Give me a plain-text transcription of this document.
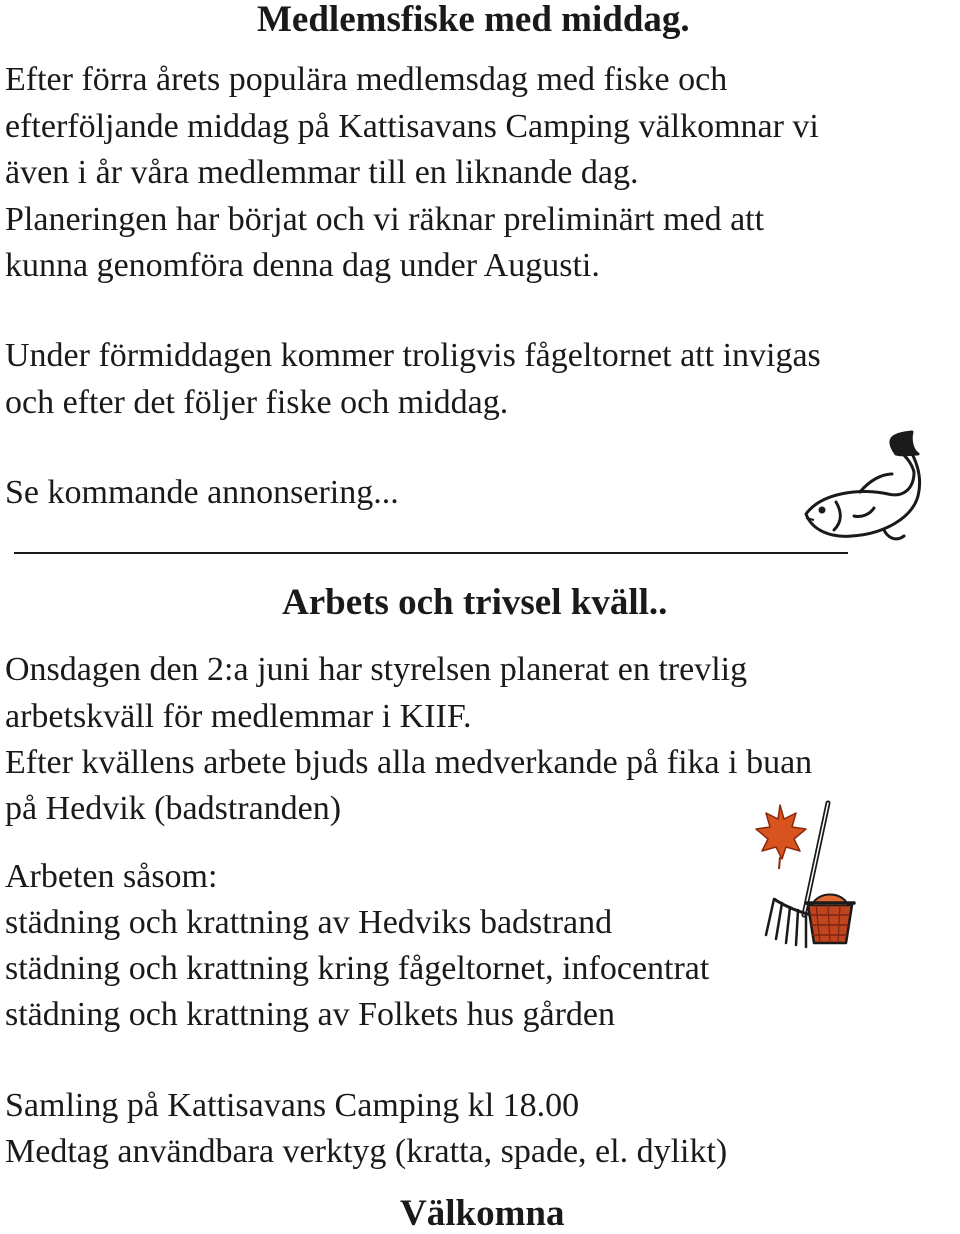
Medlemsfiske med middag.
Efter förra årets populära medlemsdag med fiske och
efterföljande middag på Kattisavans Camping välkomnar vi
även i år våra medlemmar till en liknande dag.
Planeringen har börjat och vi räknar preliminärt med att
kunna genomföra denna dag under Augusti.
Under förmiddagen kommer troligvis fågeltornet att invigas
och efter det följer fiske och middag.
Se kommande annonsering...
Arbets och trivsel kväll..
Onsdagen den 2:a juni har styrelsen planerat en trevlig
arbetskväll för medlemmar i KIIF.
Efter kvällens arbete bjuds alla medverkande på fika i buan
på Hedvik (badstranden)
Arbeten såsom:
städning och krattning av Hedviks badstrand
städning och krattning kring fågeltornet, infocentrat
städning och krattning av Folkets hus gården
Samling på Kattisavans Camping kl 18.00
Medtag användbara verktyg (kratta, spade, el. dylikt)
Välkomna
